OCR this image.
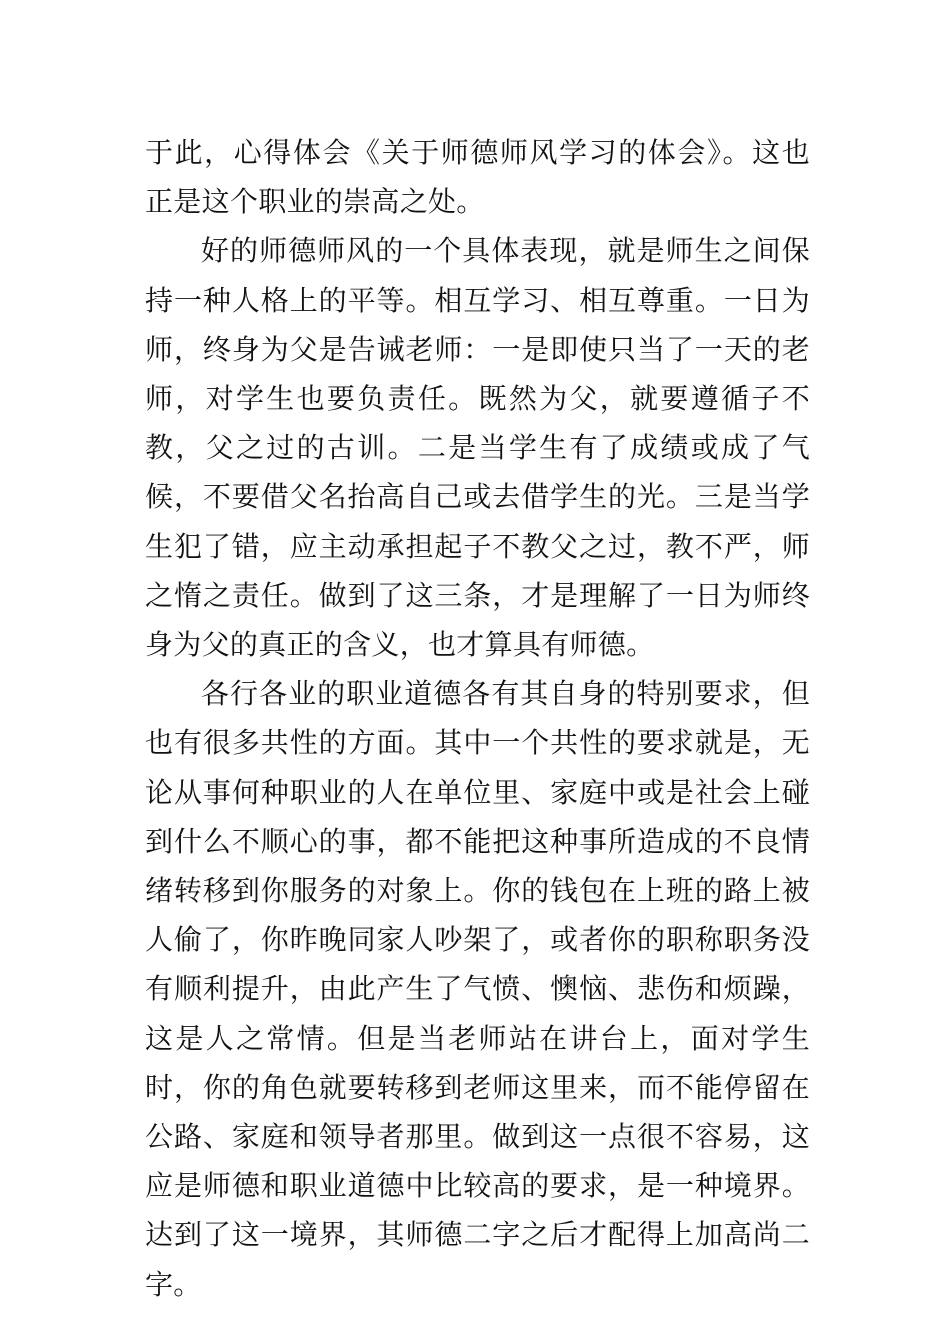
于此，心得体会《关于师德师风学习的体会》。这也正是这个职业的崇高之处。

好的师德师风的一个具体表现，就是师生之间保持一种人格上的平等。相互学习、相互尊重。一日为师，终身为父是告诫老师：一是即使只当了一天的老师，对学生也要负责任。既然为父，就要遵循子不教，父之过的古训。二是当学生有了成绩或成了气候，不要借父名抬高自己或去借学生的光。三是当学生犯了错，应主动承担起子不教父之过，教不严，师之惰之责任。做到了这三条，才是理解了一日为师终身为父的真正的含义，也才算具有师德。

各行各业的职业道德各有其自身的特别要求，但也有很多共性的方面。其中一个共性的要求就是，无论从事何种职业的人在单位里、家庭中或是社会上碰到什么不顺心的事，都不能把这种事所造成的不良情绪转移到你服务的对象上。你的钱包在上班的路上被人偷了，你昨晚同家人吵架了，或者你的职称职务没有顺利提升，由此产生了气愤、懊恼、悲伤和烦躁，这是人之常情。但是当老师站在讲台上，面对学生时，你的角色就要转移到老师这里来，而不能停留在公路、家庭和领导者那里。做到这一点很不容易，这应是师德和职业道德中比较高的要求，是一种境界。达到了这一境界，其师德二字之后才配得上加高尚二字。
